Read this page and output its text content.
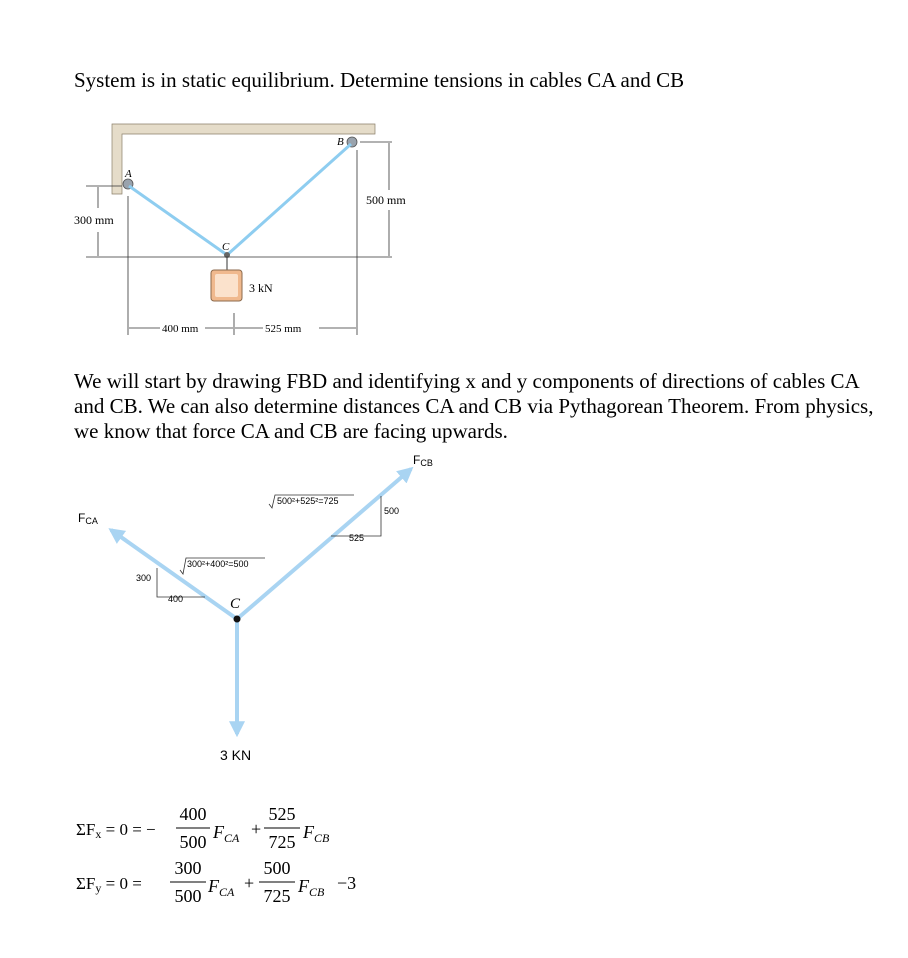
System is in static equilibrium. Determine tensions in cables CA and CB
A
B
C
300 mm
500 mm
400 mm	525 mm
3 kN
We will start by drawing FBD and identifying x and y components of directions of cables CA and CB. We can also determine distances CA and CB via Pythagorean Theorem. From physics, we know that force CA and CB are facing upwards.
FCA
FCB
500²+525²=725
300²+400²=500
500
525
300
400	C
3 KN
ΣFx = 0 = −
400
500 $F_{CA}$ +
525
725 $F_{CB}$
ΣFy = 0 =
300
500 $F_{CA}$ +
500
725 $F_{CB} -3$
